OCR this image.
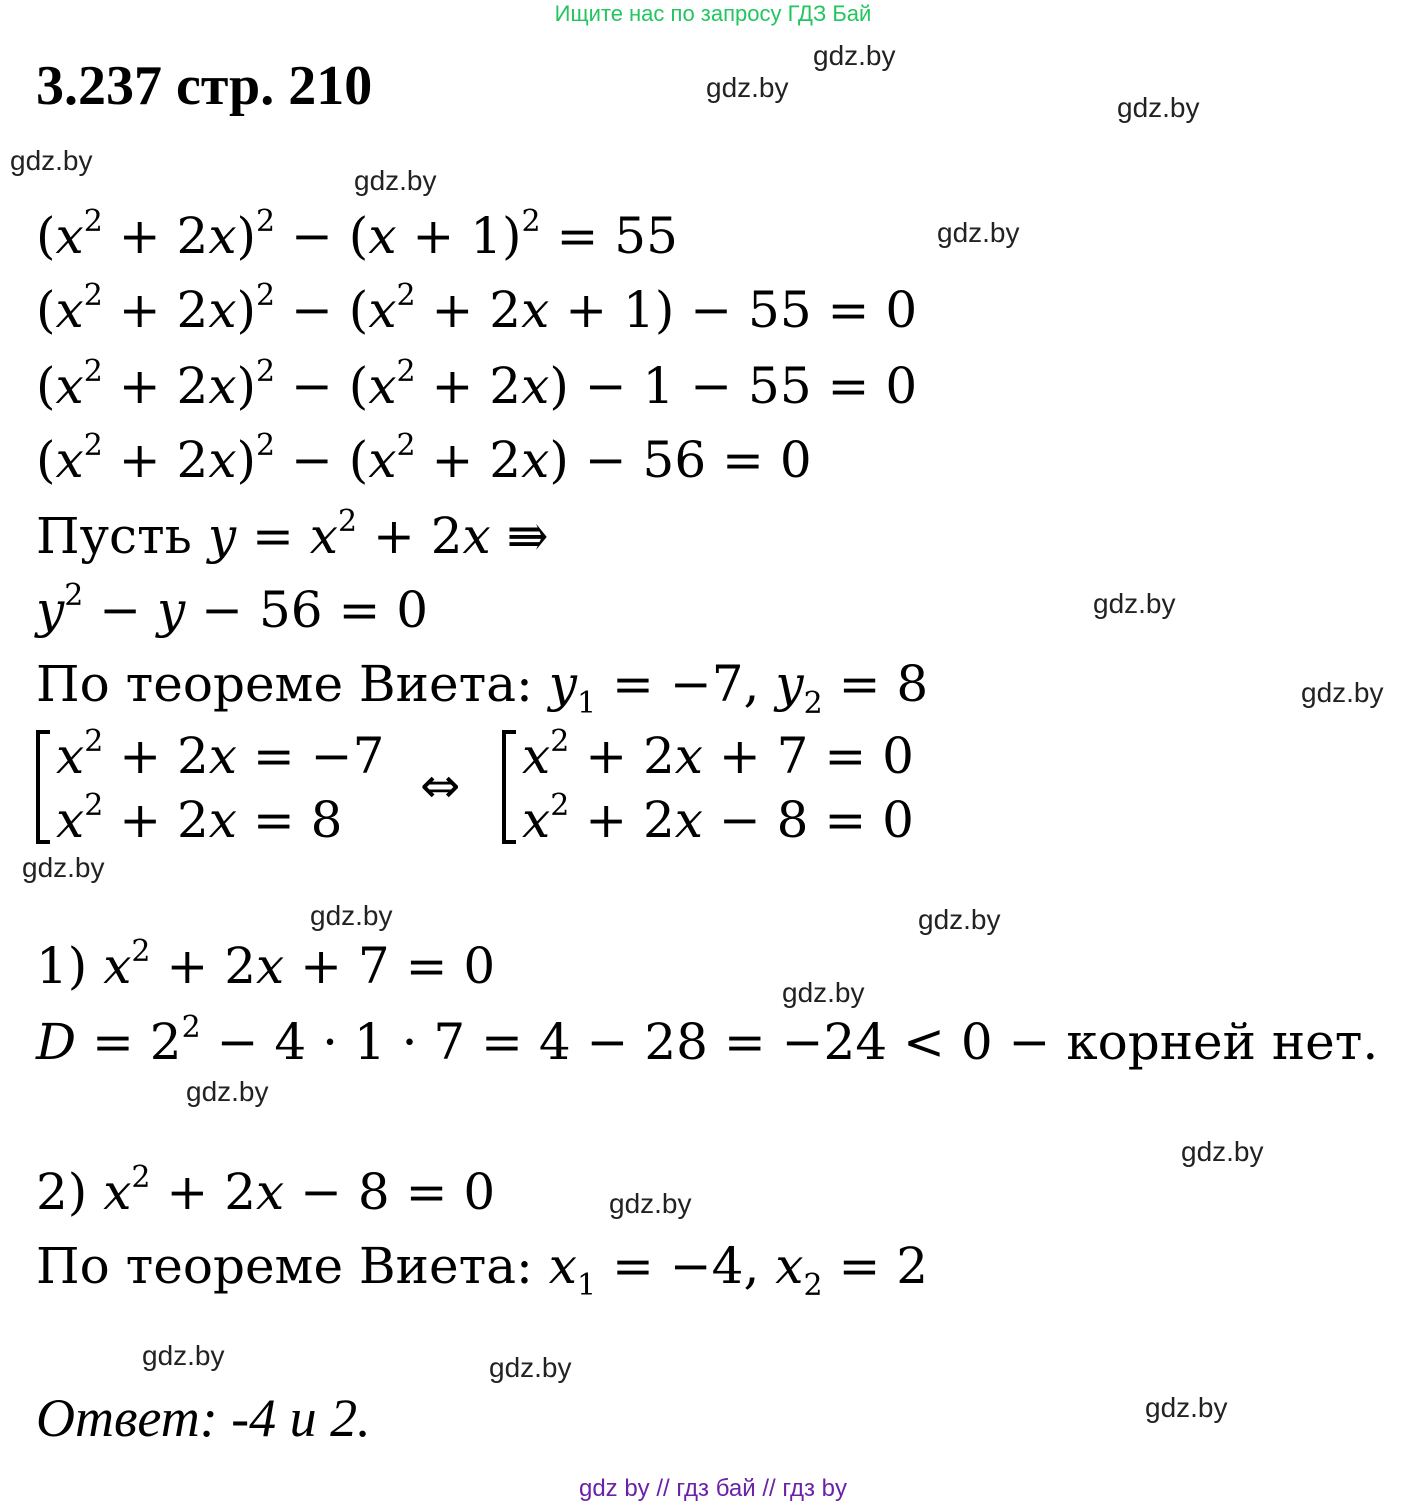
Ищите нас по запросу ГДЗ Бай
3.237 стр. 210	gdz.by
gdz.by
gdz.by
gdz.by
gdz.by
gdz.by
gdz.by
gdz.by
gdz.by
gdz.by	gdz.by
gdz.by
gdz.by
gdz.by
gdz.by
gdz.by	gdz.by
gdz.by
$(x^2 + 2x)^2 - (x + 1)^2 = 55$
$(x^2 + 2x)^2 - (x^2 + 2x + 1) - 55 = 0$
$(x^2 + 2x)^2 - (x^2 + 2x) - 1 - 55 = 0$
$(x^2 + 2x)^2 - (x^2 + 2x) - 56 = 0$
Пусть $y = x^2 + 2x$ ⇛
$y^2 - y - 56 = 0$
По теореме Виета: $y_1 = -7$, $y_2 = 8$
$x^2 + 2x = -7$
$x^2 + 2x = 8$
⇔
$x^2 + 2x + 7 = 0$
$x^2 + 2x - 8 = 0$
1) $x^2 + 2x + 7 = 0$
$D = 2^2 - 4 \cdot 1 \cdot 7 = 4 - 28 = -24 < 0$ − корней нет.
2) $x^2 + 2x - 8 = 0$
По теореме Виета: $x_1 = -4$, $x_2 = 2$
Ответ: -4 и 2.
gdz by // гдз бай // гдз by
